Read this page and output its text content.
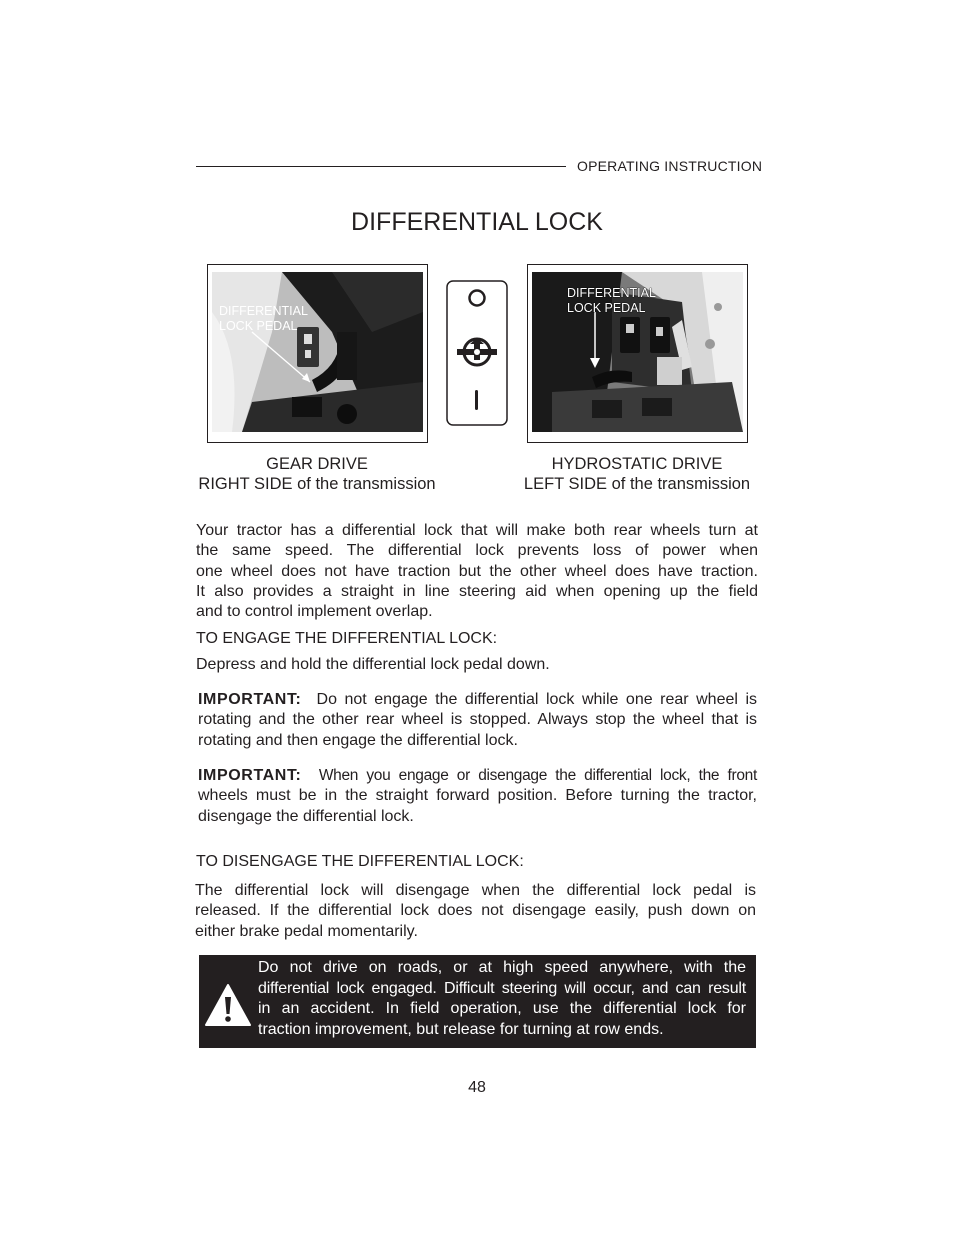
OPERATING INSTRUCTION
DIFFERENTIAL LOCK
DIFFERENTIAL
LOCK PEDAL
DIFFERENTIAL
LOCK PEDAL
GEAR DRIVE
RIGHT SIDE of the transmission
HYDROSTATIC DRIVE
LEFT SIDE of the transmission

Your tractor has a differential lock that will make both rear wheels turn at

the same speed. The differential lock prevents loss of power when

one wheel does not have traction but the other wheel does have traction.

It also provides a straight in line steering aid when opening up the field

and to control implement overlap.

TO ENGAGE THE DIFFERENTIAL LOCK:
Depress and hold the differential lock pedal down.

IMPORTANT: Do not engage the differential lock while one rear wheel is

rotating and the other rear wheel is stopped. Always stop the wheel that is

rotating and then engage the differential lock.

IMPORTANT: When you engage or disengage the differential lock, the front

wheels must be in the straight forward position. Before turning the tractor,

disengage the differential lock.

TO DISENGAGE THE DIFFERENTIAL LOCK:

The differential lock will disengage when the differential lock pedal is

released. If the differential lock does not disengage easily, push down on

either brake pedal momentarily.

Do not drive on roads, or at high speed anywhere, with the

differential lock engaged. Difficult steering will occur, and can result

in an accident. In field operation, use the differential lock for

traction improvement, but release for turning at row ends.

48
